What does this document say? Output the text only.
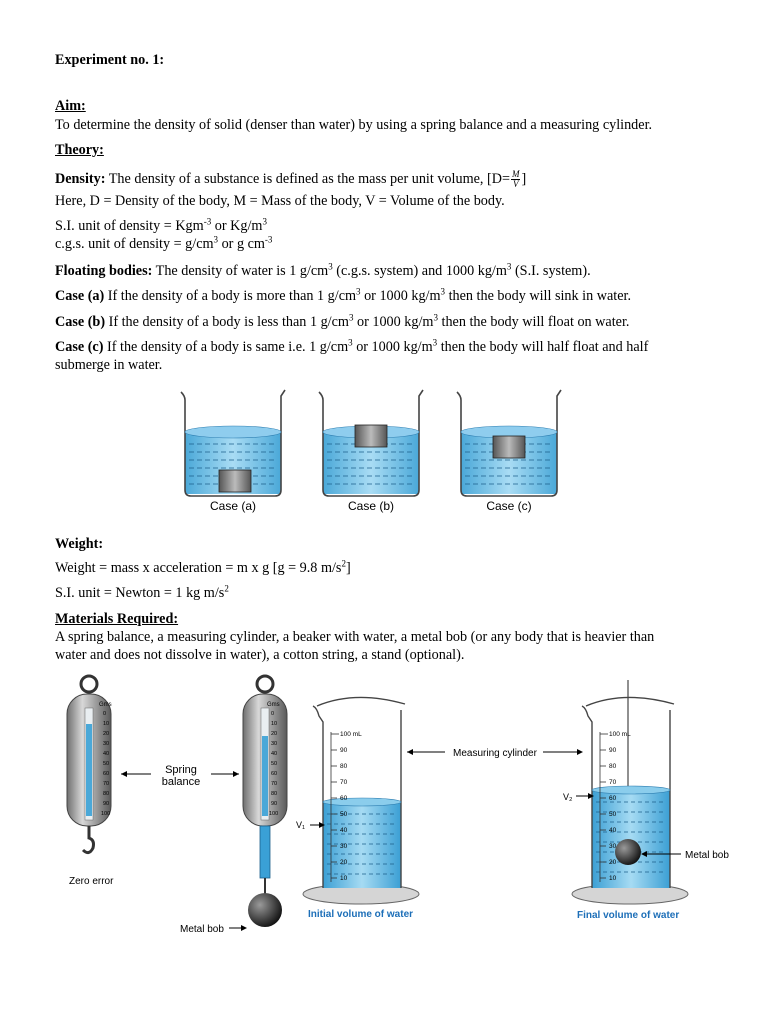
Experiment no. 1:
Aim:
To determine the density of solid (denser than water) by using a spring balance and a measuring cylinder.
Theory:
Density: The density of a substance is defined as the mass per unit volume, [$D= \frac{M}{V}$ ]
Here, D = Density of the body, M = Mass of the body, V = Volume of the body.
S.I. unit of density = Kgm$^{-3}$ or $Kg/m^3$
c.g.s. unit of density = $g/cm^3$ or g $cm^{-3}$
Floating bodies: The density of water is 1 $g/cm^3$ (c.g.s. system) and 1000 $kg/m^3$ (S.I. system).
Case (a) If the density of a body is more than 1 $g/cm^3$ or 1000 $kg/m^3$ then the body will sink in water.
Case (b) If the density of a body is less than 1 $g/cm^3$ or 1000 $kg/m^3$ then the body will float on water.
Case (c) If the density of a body is same i.e. 1 $g/cm^3$ or 1000 $kg/m^3$ then the body will half float and half
submerge in water.
Case (a)	Case (b)	Case (c)
Weight:
Weight = mass x acceleration = m x g [g = 9.8 $m/s^2$]
S.I. unit = Newton = 1 kg $m/s^2$
Materials Required:
A spring balance, a measuring cylinder, a beaker with water, a metal bob (or any body that is heavier than
water and does not dissolve in water), a cotton string, a stand (optional).
Gms
0
10
20
30
40
50
60
70
80
90
100
Zero error
Spring
balance
Gms
0
10
20
30
40
50
60
70
80
90
100
Metal bob
100 mL
90
80
70
60
50
40
30
20
10
V₁
Initial volume of water
Measuring cylinder
100 mL
90
80
70
60
50
40
30
20
10
V₂
Metal bob
Final volume of water
